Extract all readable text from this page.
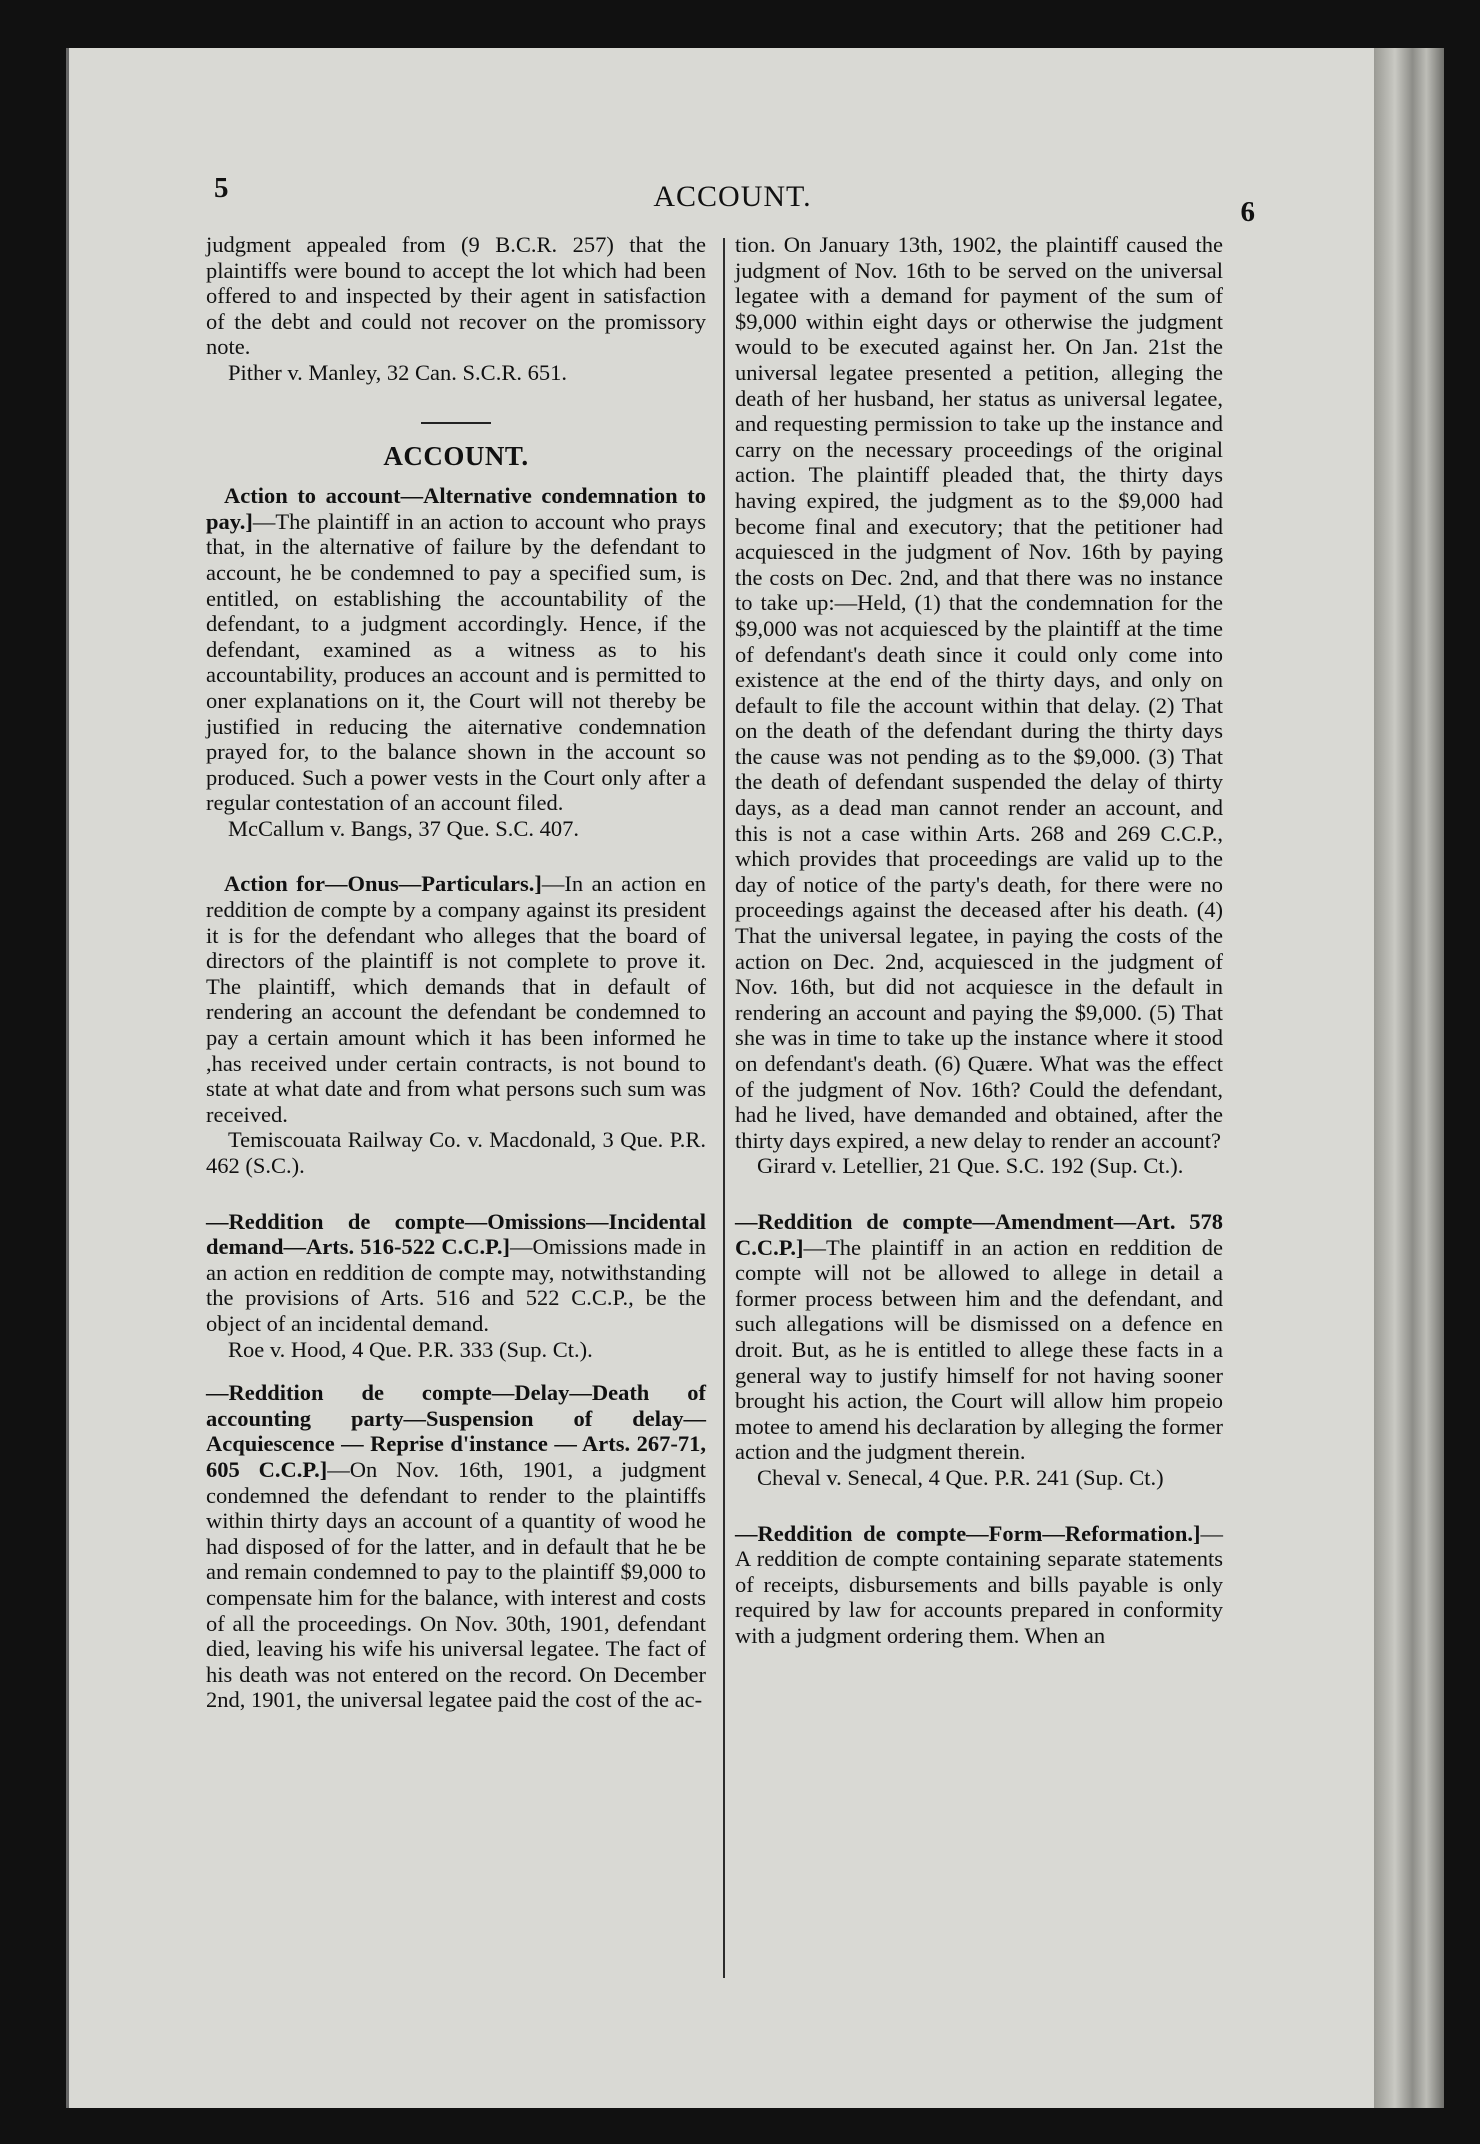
5	ACCOUNT.	6

judgment appealed from (9 B.C.R. 257) that the plaintiffs were bound to accept the lot which had been offered to and inspected by their agent in satisfaction of the debt and could not recover on the promissory note.

Pither v. Manley, 32 Can. S.C.R. 651.

ACCOUNT.

Action to account—Alternative condemnation to pay.]—The plaintiff in an action to account who prays that, in the alternative of failure by the defendant to account, he be condemned to pay a specified sum, is entitled, on establishing the accountability of the defendant, to a judgment accordingly. Hence, if the defendant, examined as a witness as to his accountability, produces an account and is permitted to oner explanations on it, the Court will not thereby be justified in reducing the aiternative condemnation prayed for, to the balance shown in the account so produced. Such a power vests in the Court only after a regular contestation of an account filed.

McCallum v. Bangs, 37 Que. S.C. 407.

Action for—Onus—Particulars.]—In an action en reddition de compte by a company against its president it is for the defendant who alleges that the board of directors of the plaintiff is not complete to prove it. The plaintiff, which demands that in default of rendering an account the defendant be condemned to pay a certain amount which it has been informed he ,has received under certain contracts, is not bound to state at what date and from what persons such sum was received.

Temiscouata Railway Co. v. Macdonald, 3 Que. P.R. 462 (S.C.).

—Reddition de compte—Omissions—Incidental demand—Arts. 516-522 C.C.P.]—Omissions made in an action en reddition de compte may, notwithstanding the provisions of Arts. 516 and 522 C.C.P., be the object of an incidental demand.

Roe v. Hood, 4 Que. P.R. 333 (Sup. Ct.).

—Reddition de compte—Delay—Death of accounting party—Suspension of delay—Acquiescence — Reprise d'instance — Arts. 267-71, 605 C.C.P.]—On Nov. 16th, 1901, a judgment condemned the defendant to render to the plaintiffs within thirty days an account of a quantity of wood he had disposed of for the latter, and in default that he be and remain condemned to pay to the plaintiff $9,000 to compensate him for the balance, with interest and costs of all the proceedings. On Nov. 30th, 1901, defendant died, leaving his wife his universal legatee. The fact of his death was not entered on the record. On December 2nd, 1901, the universal legatee paid the cost of the ac-

tion. On January 13th, 1902, the plaintiff caused the judgment of Nov. 16th to be served on the universal legatee with a demand for payment of the sum of $9,000 within eight days or otherwise the judgment would to be executed against her. On Jan. 21st the universal legatee presented a petition, alleging the death of her husband, her status as universal legatee, and requesting permission to take up the instance and carry on the necessary proceedings of the original action. The plaintiff pleaded that, the thirty days having expired, the judgment as to the $9,000 had become final and executory; that the petitioner had acquiesced in the judgment of Nov. 16th by paying the costs on Dec. 2nd, and that there was no instance to take up:—Held, (1) that the condemnation for the $9,000 was not acquiesced by the plaintiff at the time of defendant's death since it could only come into existence at the end of the thirty days, and only on default to file the account within that delay. (2) That on the death of the defendant during the thirty days the cause was not pending as to the $9,000. (3) That the death of defendant suspended the delay of thirty days, as a dead man cannot render an account, and this is not a case within Arts. 268 and 269 C.C.P., which provides that proceedings are valid up to the day of notice of the party's death, for there were no proceedings against the deceased after his death. (4) That the universal legatee, in paying the costs of the action on Dec. 2nd, acquiesced in the judgment of Nov. 16th, but did not acquiesce in the default in rendering an account and paying the $9,000. (5) That she was in time to take up the instance where it stood on defendant's death. (6) Quære. What was the effect of the judgment of Nov. 16th? Could the defendant, had he lived, have demanded and obtained, after the thirty days expired, a new delay to render an account?

Girard v. Letellier, 21 Que. S.C. 192 (Sup. Ct.).

—Reddition de compte—Amendment—Art. 578 C.C.P.]—The plaintiff in an action en reddition de compte will not be allowed to allege in detail a former process between him and the defendant, and such allegations will be dismissed on a defence en droit. But, as he is entitled to allege these facts in a general way to justify himself for not having sooner brought his action, the Court will allow him propeio motee to amend his declaration by alleging the former action and the judgment therein.

Cheval v. Senecal, 4 Que. P.R. 241 (Sup. Ct.)

—Reddition de compte—Form—Reformation.]—A reddition de compte containing separate statements of receipts, disbursements and bills payable is only required by law for accounts prepared in conformity with a judgment ordering them. When an
